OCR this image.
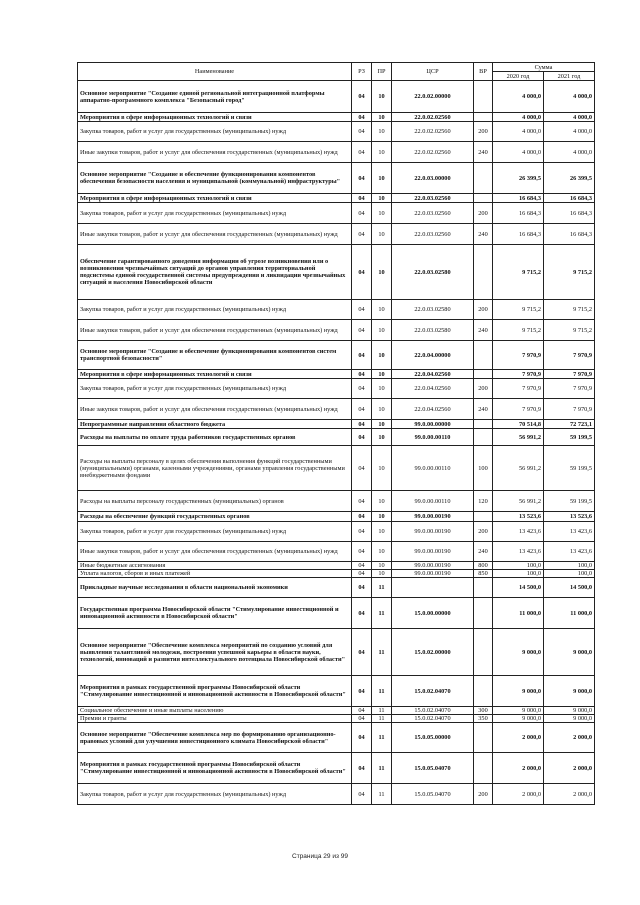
Наименование	РЗ	ПР	ЦСР	ВР	Сумма	
					2020 год	2021 год
Основное мероприятие "Создание единой региональной интеграционной платформы аппаратно-программного комплекса "Безопасный город"	04	10	22.0.02.00000		4 000,0	4 000,0
Мероприятия в сфере информационных технологий и связи	04	10	22.0.02.02560		4 000,0	4 000,0
Закупка товаров, работ и услуг для государственных (муниципальных) нужд	04	10	22.0.02.02560	200	4 000,0	4 000,0
Иные закупки товаров, работ и услуг для обеспечения государственных (муниципальных) нужд	04	10	22.0.02.02560	240	4 000,0	4 000,0
Основное мероприятие "Создание и обеспечение функционирования компонентов обеспечения безопасности населения и муниципальной (коммунальной) инфраструктуры"	04	10	22.0.03.00000		26 399,5	26 399,5
Мероприятия в сфере информационных технологий и связи	04	10	22.0.03.02560		16 684,3	16 684,3
Закупка товаров, работ и услуг для государственных (муниципальных) нужд	04	10	22.0.03.02560	200	16 684,3	16 684,3
Иные закупки товаров, работ и услуг для обеспечения государственных (муниципальных) нужд	04	10	22.0.03.02560	240	16 684,3	16 684,3
Обеспечение гарантированного доведения информации об угрозе возникновения или о возникновении чрезвычайных ситуаций до органов управления территориальной подсистемы единой государственной системы предупреждения и ликвидации чрезвычайных ситуаций и населения Новосибирской области	04	10	22.0.03.02580		9 715,2	9 715,2
Закупка товаров, работ и услуг для государственных (муниципальных) нужд	04	10	22.0.03.02580	200	9 715,2	9 715,2
Иные закупки товаров, работ и услуг для обеспечения государственных (муниципальных) нужд	04	10	22.0.03.02580	240	9 715,2	9 715,2
Основное мероприятие "Создание и обеспечение функционирования компонентов систем транспортной безопасности"	04	10	22.0.04.00000		7 970,9	7 970,9
Мероприятия в сфере информационных технологий и связи	04	10	22.0.04.02560		7 970,9	7 970,9
Закупка товаров, работ и услуг для государственных (муниципальных) нужд	04	10	22.0.04.02560	200	7 970,9	7 970,9
Иные закупки товаров, работ и услуг для обеспечения государственных (муниципальных) нужд	04	10	22.0.04.02560	240	7 970,9	7 970,9
Непрограммные направления областного бюджета	04	10	99.0.00.00000		70 514,8	72 723,1
Расходы на выплаты по оплате труда работников государственных органов	04	10	99.0.00.00110		56 991,2	59 199,5
Расходы на выплаты персоналу в целях обеспечения выполнения функций государственными (муниципальными) органами, казенными учреждениями, органами управления государственными внебюджетными фондами	04	10	99.0.00.00110	100	56 991,2	59 199,5
Расходы на выплаты персоналу государственных (муниципальных) органов	04	10	99.0.00.00110	120	56 991,2	59 199,5
Расходы на обеспечение функций государственных органов	04	10	99.0.00.00190		13 523,6	13 523,6
Закупка товаров, работ и услуг для государственных (муниципальных) нужд	04	10	99.0.00.00190	200	13 423,6	13 423,6
Иные закупки товаров, работ и услуг для обеспечения государственных (муниципальных) нужд	04	10	99.0.00.00190	240	13 423,6	13 423,6
Иные бюджетные ассигнования	04	10	99.0.00.00190	800	100,0	100,0
Уплата налогов, сборов и иных платежей	04	10	99.0.00.00190	850	100,0	100,0
Прикладные научные исследования в области национальной экономики	04	11			14 500,0	14 500,0
Государственная программа Новосибирской области "Стимулирование инвестиционной и инновационной активности в Новосибирской области"	04	11	15.0.00.00000		11 000,0	11 000,0
Основное мероприятие "Обеспечение комплекса мероприятий по созданию условий для выявления талантливой молодежи, построения успешной карьеры в области науки, технологий, инноваций и развития интеллектуального потенциала Новосибирской области"	04	11	15.0.02.00000		9 000,0	9 000,0
Мероприятия в рамках государственной программы Новосибирской области "Стимулирование инвестиционной и инновационной активности в Новосибирской области"	04	11	15.0.02.04070		9 000,0	9 000,0
Социальное обеспечение и иные выплаты населению	04	11	15.0.02.04070	300	9 000,0	9 000,0
Премии и гранты	04	11	15.0.02.04070	350	9 000,0	9 000,0
Основное мероприятие "Обеспечение комплекса мер по формированию организационно-правовых условий для улучшения инвестиционного климата Новосибирской области"	04	11	15.0.05.00000		2 000,0	2 000,0
Мероприятия в рамках государственной программы Новосибирской области "Стимулирование инвестиционной и инновационной активности в Новосибирской области"	04	11	15.0.05.04070		2 000,0	2 000,0
Закупка товаров, работ и услуг для государственных (муниципальных) нужд	04	11	15.0.05.04070	200	2 000,0	2 000,0
Страница 29 из 99
